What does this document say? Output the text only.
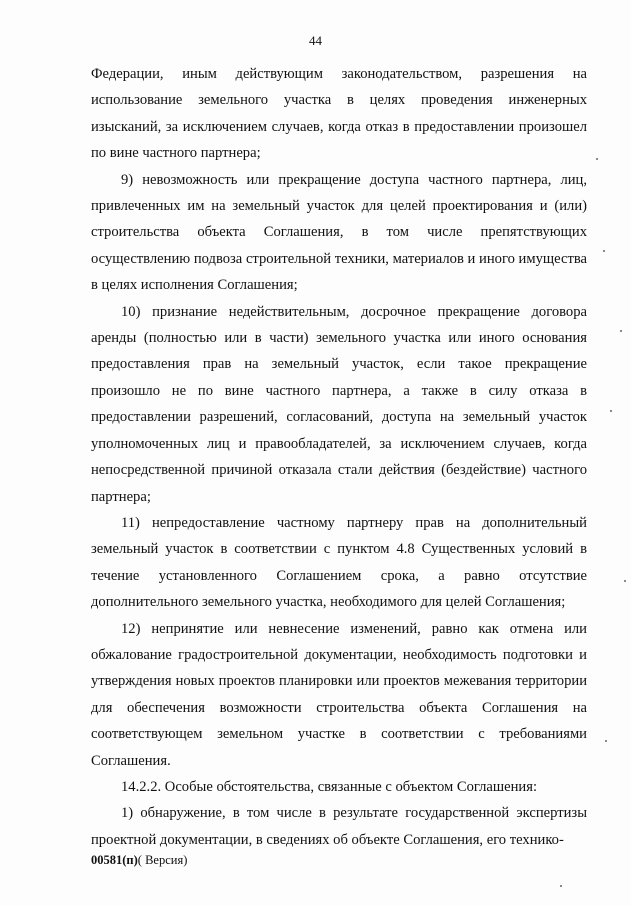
44

Федерации, иным действующим законодательством, разрешения на использование земельного участка в целях проведения инженерных изысканий, за исключением случаев, когда отказ в предоставлении произошел по вине частного партнера;

9) невозможность или прекращение доступа частного партнера, лиц, привлеченных им на земельный участок для целей проектирования и (или) строительства объекта Соглашения, в том числе препятствующих осуществлению подвоза строительной техники, материалов и иного имущества в целях исполнения Соглашения;

10) признание недействительным, досрочное прекращение договора аренды (полностью или в части) земельного участка или иного основания предоставления прав на земельный участок, если такое прекращение произошло не по вине частного партнера, а также в силу отказа в предоставлении разрешений, согласований, доступа на земельный участок уполномоченных лиц и правообладателей, за исключением случаев, когда непосредственной причиной отказала стали действия (бездействие) частного партнера;

11) непредоставление частному партнеру прав на дополнительный земельный участок в соответствии с пунктом 4.8 Существенных условий в течение установленного Соглашением срока, а равно отсутствие дополнительного земельного участка, необходимого для целей Соглашения;

12) непринятие или невнесение изменений, равно как отмена или обжалование градостроительной документации, необходимость подготовки и утверждения новых проектов планировки или проектов межевания территории для обеспечения возможности строительства объекта Соглашения на соответствующем земельном участке в соответствии с требованиями Соглашения.

14.2.2. Особые обстоятельства, связанные с объектом Соглашения:

1) обнаружение, в том числе в результате государственной экспертизы проектной документации, в сведениях об объекте Соглашения, его технико-

00581(п)( Версия)
